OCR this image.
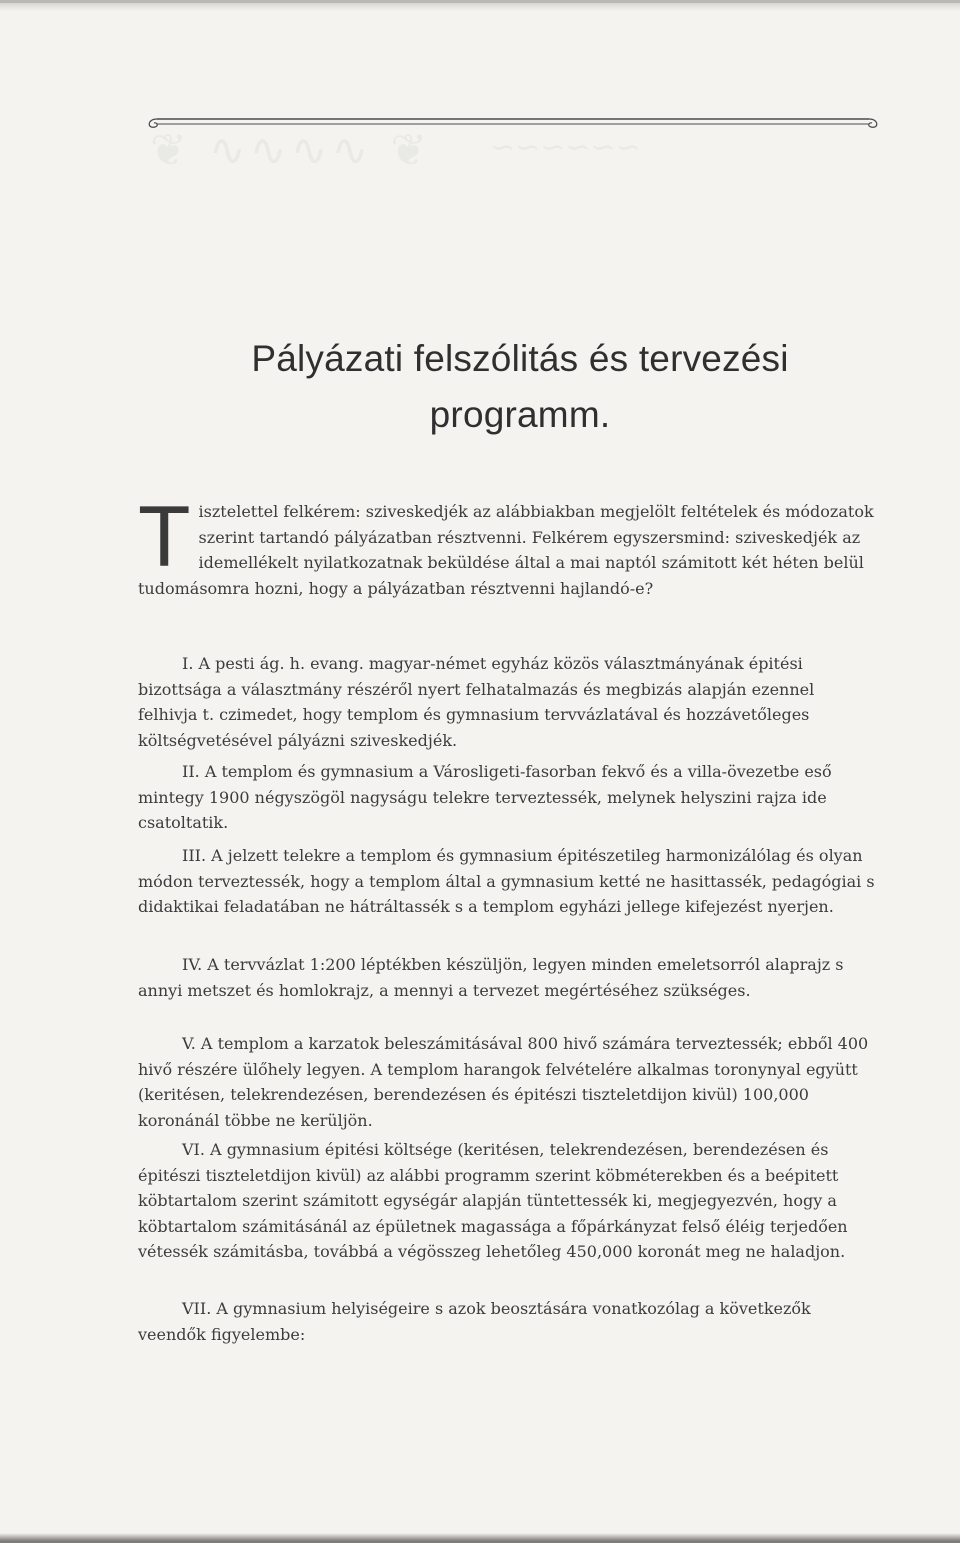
❦ ∿∿∿∿ ❦ ∽∽∽∽∽∽
Pályázati felszólitás és tervezési
programm.

Tisztelettel felkérem: sziveskedjék az alábbiakban megjelölt feltételek és módozatok szerint tartandó pályázatban résztvenni. Felkérem egyszersmind: sziveskedjék az idemellékelt nyilatkozatnak beküldése által a mai naptól számitott két héten belül tudomásomra hozni, hogy a pályázatban résztvenni hajlandó-e?

I. A pesti ág. h. evang. magyar-német egyház közös választmányának épitési bizottsága a választmány részéről nyert felhatalmazás és megbizás alapján ezennel felhivja t. czimedet, hogy templom és gymnasium tervvázlatával és hozzávetőleges költségvetésével pályázni sziveskedjék.

II. A templom és gymnasium a Városligeti-fasorban fekvő és a villa-övezetbe eső mintegy 1900 négyszögöl nagyságu telekre terveztessék, melynek helyszini rajza ide csatoltatik.

III. A jelzett telekre a templom és gymnasium épitészetileg harmonizálólag és olyan módon terveztessék, hogy a templom által a gymnasium ketté ne hasittassék, pedagógiai s didaktikai feladatában ne hátráltassék s a templom egyházi jellege kifejezést nyerjen.

IV. A tervvázlat 1:200 léptékben készüljön, legyen minden emeletsorról alaprajz s annyi metszet és homlokrajz, a mennyi a tervezet megértéséhez szükséges.

V. A templom a karzatok beleszámitásával 800 hivő számára terveztessék; ebből 400 hivő részére ülőhely legyen. A templom harangok felvételére alkalmas toronynyal együtt (keritésen, telekrendezésen, berendezésen és épitészi tiszteletdijon kivül) 100,000 koronánál többe ne kerüljön.

VI. A gymnasium épitési költsége (keritésen, telekrendezésen, berendezésen és épitészi tiszteletdijon kivül) az alábbi programm szerint köbméterekben és a beépitett köbtartalom szerint számitott egységár alapján tüntettessék ki, megjegyezvén, hogy a köbtartalom számitásánál az épületnek magassága a főpárkányzat felső éléig terjedően vétessék számitásba, továbbá a végösszeg lehetőleg 450,000 koronát meg ne haladjon.

VII. A gymnasium helyiségeire s azok beosztására vonatkozólag a következők veendők figyelembe:
